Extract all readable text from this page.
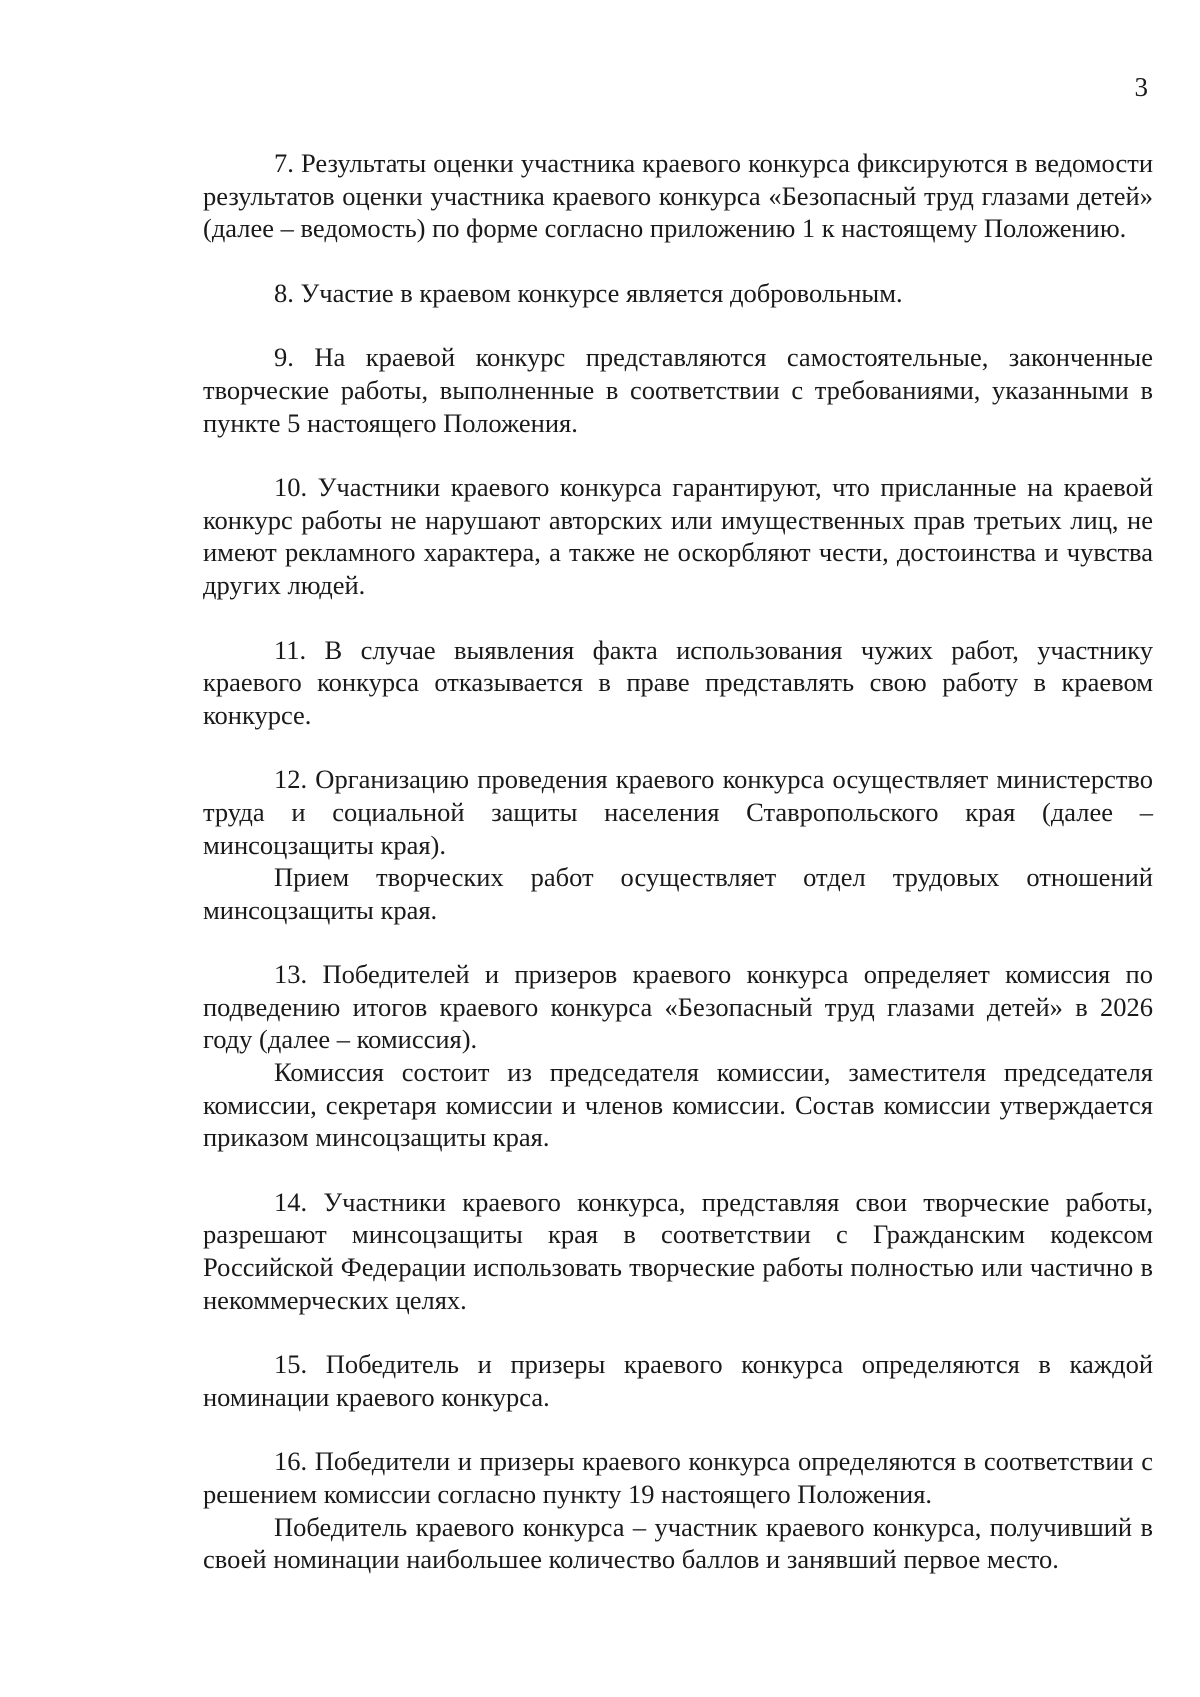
3

7. Результаты оценки участника краевого конкурса фиксируются в ведомости результатов оценки участника краевого конкурса «Безопасный труд глазами детей» (далее – ведомость) по форме согласно приложению 1 к настоящему Положению.

8. Участие в краевом конкурсе является добровольным.

9. На краевой конкурс представляются самостоятельные, законченные творческие работы, выполненные в соответствии с требованиями, указанными в пункте 5 настоящего Положения.

10. Участники краевого конкурса гарантируют, что присланные на краевой конкурс работы не нарушают авторских или имущественных прав третьих лиц, не имеют рекламного характера, а также не оскорбляют чести, достоинства и чувства других людей.

11. В случае выявления факта использования чужих работ, участнику краевого конкурса отказывается в праве представлять свою работу в краевом конкурсе.

12. Организацию проведения краевого конкурса осуществляет министерство труда и социальной защиты населения Ставропольского края (далее – минсоцзащиты края).

Прием творческих работ осуществляет отдел трудовых отношений минсоцзащиты края.

13. Победителей и призеров краевого конкурса определяет комиссия по подведению итогов краевого конкурса «Безопасный труд глазами детей» в 2026 году (далее – комиссия).

Комиссия состоит из председателя комиссии, заместителя председателя комиссии, секретаря комиссии и членов комиссии. Состав комиссии утверждается приказом минсоцзащиты края.

14. Участники краевого конкурса, представляя свои творческие работы, разрешают минсоцзащиты края в соответствии с Гражданским кодексом Российской Федерации использовать творческие работы полностью или частично в некоммерческих целях.

15. Победитель и призеры краевого конкурса определяются в каждой номинации краевого конкурса.

16. Победители и призеры краевого конкурса определяются в соответствии с решением комиссии согласно пункту 19 настоящего Положения.

Победитель краевого конкурса – участник краевого конкурса, получивший в своей номинации наибольшее количество баллов и занявший первое место.
